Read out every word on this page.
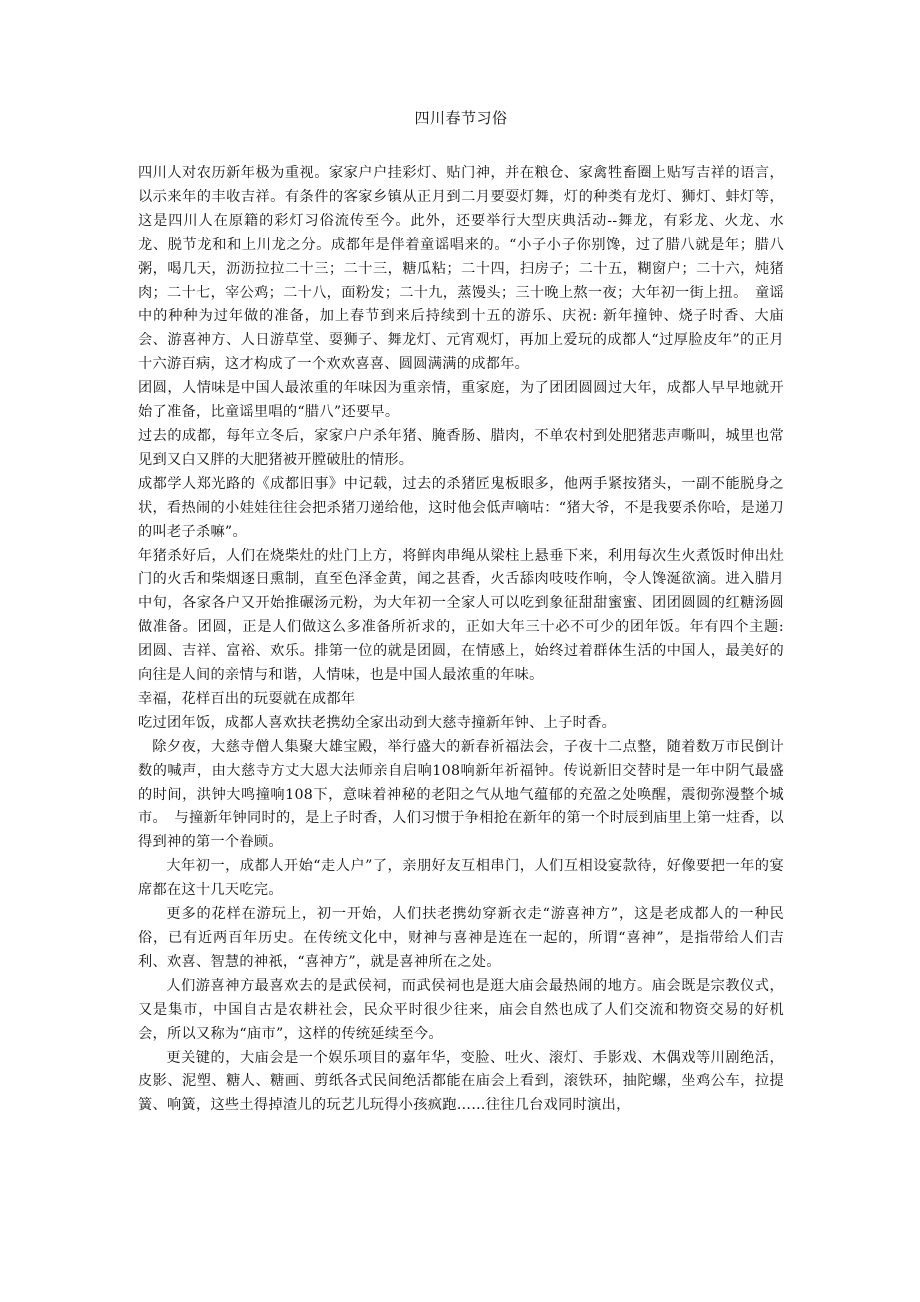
四川春节习俗

四川人对农历新年极为重视。家家户户挂彩灯、贴门神，并在粮仓、家禽牲畜圈上贴写吉祥的语言，以示来年的丰收吉祥。有条件的客家乡镇从正月到二月要耍灯舞，灯的种类有龙灯、狮灯、蚌灯等，这是四川人在原籍的彩灯习俗流传至今。此外，还要举行大型庆典活动--舞龙，有彩龙、火龙、水龙、脱节龙和和上川龙之分。成都年是伴着童谣唱来的。“小子小子你别馋，过了腊八就是年；腊八粥，喝几天，沥沥拉拉二十三；二十三，糖瓜粘；二十四，扫房子；二十五，糊窗户；二十六，炖猪肉；二十七，宰公鸡；二十八，面粉发；二十九，蒸馒头；三十晚上熬一夜；大年初一街上扭。　童谣中的种种为过年做的准备，加上春节到来后持续到十五的游乐、庆祝: 新年撞钟、烧子时香、大庙会、游喜神方、人日游草堂、耍狮子、舞龙灯、元宵观灯，再加上爱玩的成都人“过厚脸皮年”的正月十六游百病，这才构成了一个欢欢喜喜、圆圆满满的成都年。

团圆，人情味是中国人最浓重的年味因为重亲情，重家庭，为了团团圆圆过大年，成都人早早地就开始了准备，比童谣里唱的“腊八”还要早。

过去的成都，每年立冬后，家家户户杀年猪、腌香肠、腊肉，不单农村到处肥猪悲声嘶叫，城里也常见到又白又胖的大肥猪被开膛破肚的情形。

成都学人郑光路的《成都旧事》中记载，过去的杀猪匠鬼板眼多，他两手紧按猪头，一副不能脱身之状，看热闹的小娃娃往往会把杀猪刀递给他，这时他会低声嘀咕：“猪大爷，不是我要杀你哈，是递刀的叫老子杀嘛”。

年猪杀好后，人们在烧柴灶的灶门上方，将鲜肉串绳从梁柱上悬垂下来，利用每次生火煮饭时伸出灶门的火舌和柴烟逐日熏制，直至色泽金黄，闻之甚香，火舌舔肉吱吱作响，令人馋涎欲滴。进入腊月中旬，各家各户又开始推碾汤元粉，为大年初一全家人可以吃到象征甜甜蜜蜜、团团圆圆的红糖汤圆做准备。团圆，正是人们做这么多准备所祈求的，正如大年三十必不可少的团年饭。年有四个主题: 团圆、吉祥、富裕、欢乐。排第一位的就是团圆，在情感上，始终过着群体生活的中国人，最美好的向往是人间的亲情与和谐，人情味，也是中国人最浓重的年味。

幸福，花样百出的玩耍就在成都年

吃过团年饭，成都人喜欢扶老携幼全家出动到大慈寺撞新年钟、上子时香。

除夕夜，大慈寺僧人集聚大雄宝殿，举行盛大的新春祈福法会，子夜十二点整，随着数万市民倒计数的喊声，由大慈寺方丈大恩大法师亲自启响108响新年祈福钟。传说新旧交替时是一年中阴气最盛的时间，洪钟大鸣撞响108下，意味着神秘的老阳之气从地气蕴郁的充盈之处唤醒，震彻弥漫整个城市。　与撞新年钟同时的，是上子时香，人们习惯于争相抢在新年的第一个时辰到庙里上第一炷香，以得到神的第一个眷顾。

大年初一，成都人开始“走人户”了，亲朋好友互相串门，人们互相设宴款待，好像要把一年的宴席都在这十几天吃完。

更多的花样在游玩上，初一开始，人们扶老携幼穿新衣走“游喜神方”，这是老成都人的一种民俗，已有近两百年历史。在传统文化中，财神与喜神是连在一起的，所谓“喜神”，是指带给人们吉利、欢喜、智慧的神祇，“喜神方”，就是喜神所在之处。

人们游喜神方最喜欢去的是武侯祠，而武侯祠也是逛大庙会最热闹的地方。庙会既是宗教仪式，又是集市，中国自古是农耕社会，民众平时很少往来，庙会自然也成了人们交流和物资交易的好机会，所以又称为“庙市”，这样的传统延续至今。

更关键的，大庙会是一个娱乐项目的嘉年华，变脸、吐火、滚灯、手影戏、木偶戏等川剧绝活，皮影、泥塑、糖人、糖画、剪纸各式民间绝活都能在庙会上看到，滚铁环，抽陀螺，坐鸡公车，拉提簧、响簧，这些土得掉渣儿的玩艺儿玩得小孩疯跑……往往几台戏同时演出，
